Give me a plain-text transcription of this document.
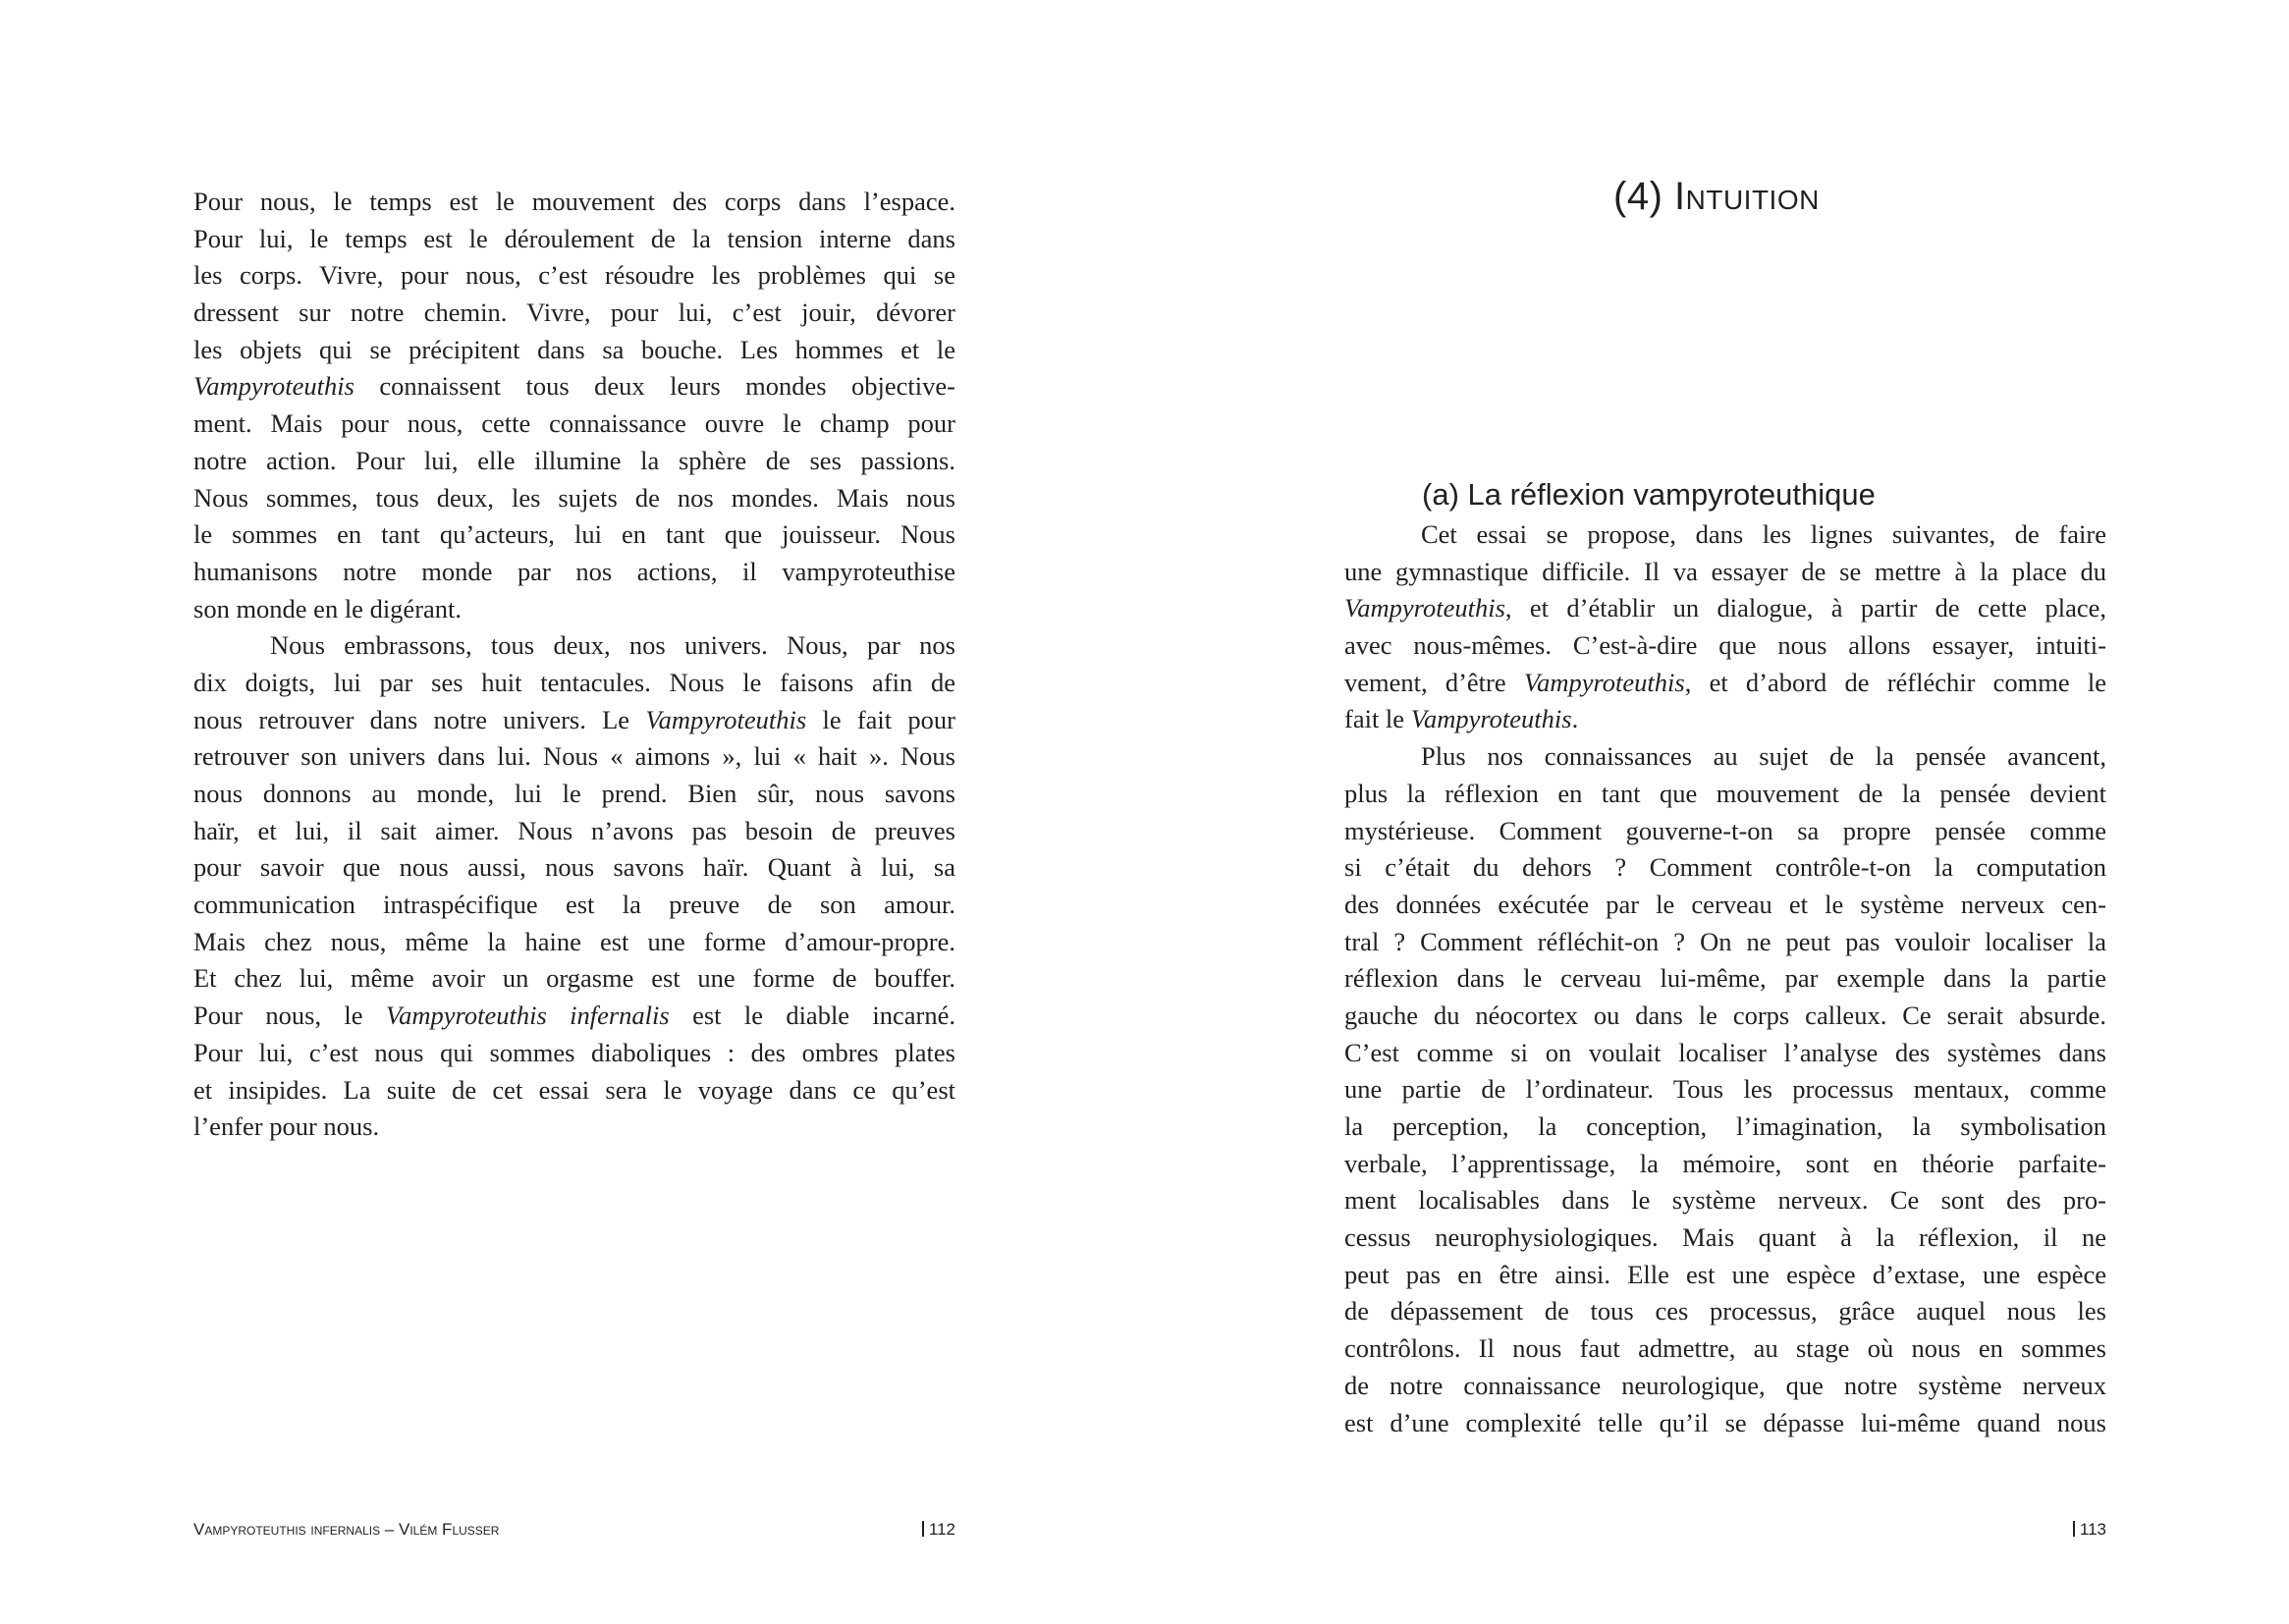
Pour nous, le temps est le mouvement des corps dans l’espace.
Pour lui, le temps est le déroulement de la tension interne dans
les corps. Vivre, pour nous, c’est résoudre les problèmes qui se
dressent sur notre chemin. Vivre, pour lui, c’est jouir, dévorer
les objets qui se précipitent dans sa bouche. Les hommes et le
Vampyroteuthis connaissent tous deux leurs mondes objective-
ment. Mais pour nous, cette connaissance ouvre le champ pour
notre action. Pour lui, elle illumine la sphère de ses passions.
Nous sommes, tous deux, les sujets de nos mondes. Mais nous
le sommes en tant qu’acteurs, lui en tant que jouisseur. Nous
humanisons notre monde par nos actions, il vampyroteuthise
son monde en le digérant.
Nous embrassons, tous deux, nos univers. Nous, par nos
dix doigts, lui par ses huit tentacules. Nous le faisons afin de
nous retrouver dans notre univers. Le Vampyroteuthis le fait pour
retrouver son univers dans lui. Nous « aimons », lui « hait ». Nous
nous donnons au monde, lui le prend. Bien sûr, nous savons
haïr, et lui, il sait aimer. Nous n’avons pas besoin de preuves
pour savoir que nous aussi, nous savons haïr. Quant à lui, sa
communication intraspécifique est la preuve de son amour.
Mais chez nous, même la haine est une forme d’amour-propre.
Et chez lui, même avoir un orgasme est une forme de bouffer.
Pour nous, le Vampyroteuthis infernalis est le diable incarné.
Pour lui, c’est nous qui sommes diaboliques : des ombres plates
et insipides. La suite de cet essai sera le voyage dans ce qu’est
l’enfer pour nous.
Vampyroteuthis infernalis – Vilém Flusser	112
(4) Intuition
(a) La réflexion vampyroteuthique
Cet essai se propose, dans les lignes suivantes, de faire
une gymnastique difficile. Il va essayer de se mettre à la place du
Vampyroteuthis, et d’établir un dialogue, à partir de cette place,
avec nous-mêmes. C’est-à-dire que nous allons essayer, intuiti-
vement, d’être Vampyroteuthis, et d’abord de réfléchir comme le
fait le Vampyroteuthis.
Plus nos connaissances au sujet de la pensée avancent,
plus la réflexion en tant que mouvement de la pensée devient
mystérieuse. Comment gouverne-t-on sa propre pensée comme
si c’était du dehors ? Comment contrôle-t-on la computation
des données exécutée par le cerveau et le système nerveux cen-
tral ? Comment réfléchit-on ? On ne peut pas vouloir localiser la
réflexion dans le cerveau lui-même, par exemple dans la partie
gauche du néocortex ou dans le corps calleux. Ce serait absurde.
C’est comme si on voulait localiser l’analyse des systèmes dans
une partie de l’ordinateur. Tous les processus mentaux, comme
la perception, la conception, l’imagination, la symbolisation
verbale, l’apprentissage, la mémoire, sont en théorie parfaite-
ment localisables dans le système nerveux. Ce sont des pro-
cessus neurophysiologiques. Mais quant à la réflexion, il ne
peut pas en être ainsi. Elle est une espèce d’extase, une espèce
de dépassement de tous ces processus, grâce auquel nous les
contrôlons. Il nous faut admettre, au stage où nous en sommes
de notre connaissance neurologique, que notre système nerveux
est d’une complexité telle qu’il se dépasse lui-même quand nous
113
